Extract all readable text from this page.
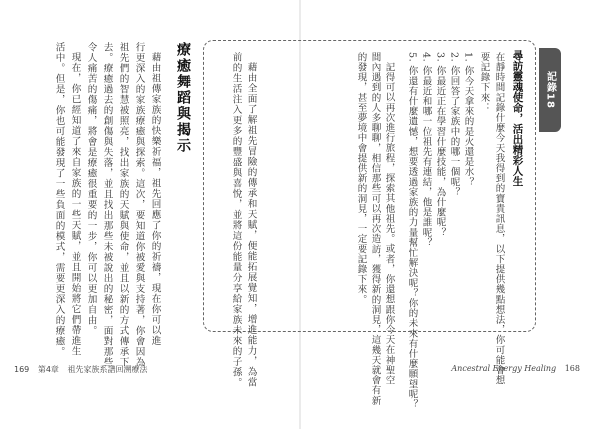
記錄18
尋訪靈魂使命，活出精彩人生
在靜時間記錄什麼今天我得到的寶貴訊息，以下提供幾點想法，你可能會想
要記錄下來：
1. 你今天拿來的是火還是水？
2. 你回答了家族中的哪一個呢？
3. 你最近正在學習什麼技能，為什麼呢？
4. 你最近和哪一位祖先有連結，他是誰呢？
5. 你還有什麼遺憾，想要透過家族的力量幫忙解決呢？你的未來有什麼願望呢？
記得可以再次進行旅程，探索其他祖先。或者，你還想跟你今天在神聖空
間內遇到的人多聊聊，相信那些可以再次造訪，獲得新的洞見，這幾天就會有新
的發現，甚至夢境中會提供新的洞見，一定要記錄下來。
藉由全面了解祖先冒險的傳承和天賦，便能拓展覺知，增進能力，為當
前的生活注入更多的豐盛與喜悅，並將這份能量分享給家族未來的子孫。
療癒舞蹈與揭示
藉由祖傳家族的快樂祈福，祖先回應了你的祈禱，現在你可以進
行更深入的家族療癒與探索。這次，要知道你被愛與支持著，你會因為
祖先們的智慧被照亮，找出家族的天賦與使命，並且以新的方式傳承下
去。療癒過去的創傷與失落，並且找出那些未被說出的秘密，面對那些
令人痛苦的傷痛，將會是療癒很重要的一步，你可以更加自由。
現在，你已經知道了來自家族的一些天賦，並且開始將它們帶進生
活中。但是，你也可能發現了一些負面的模式，需要更深入的療癒。
169 第4章 祖先家族系譜回溯療法	Ancestral Energy Healing 168
